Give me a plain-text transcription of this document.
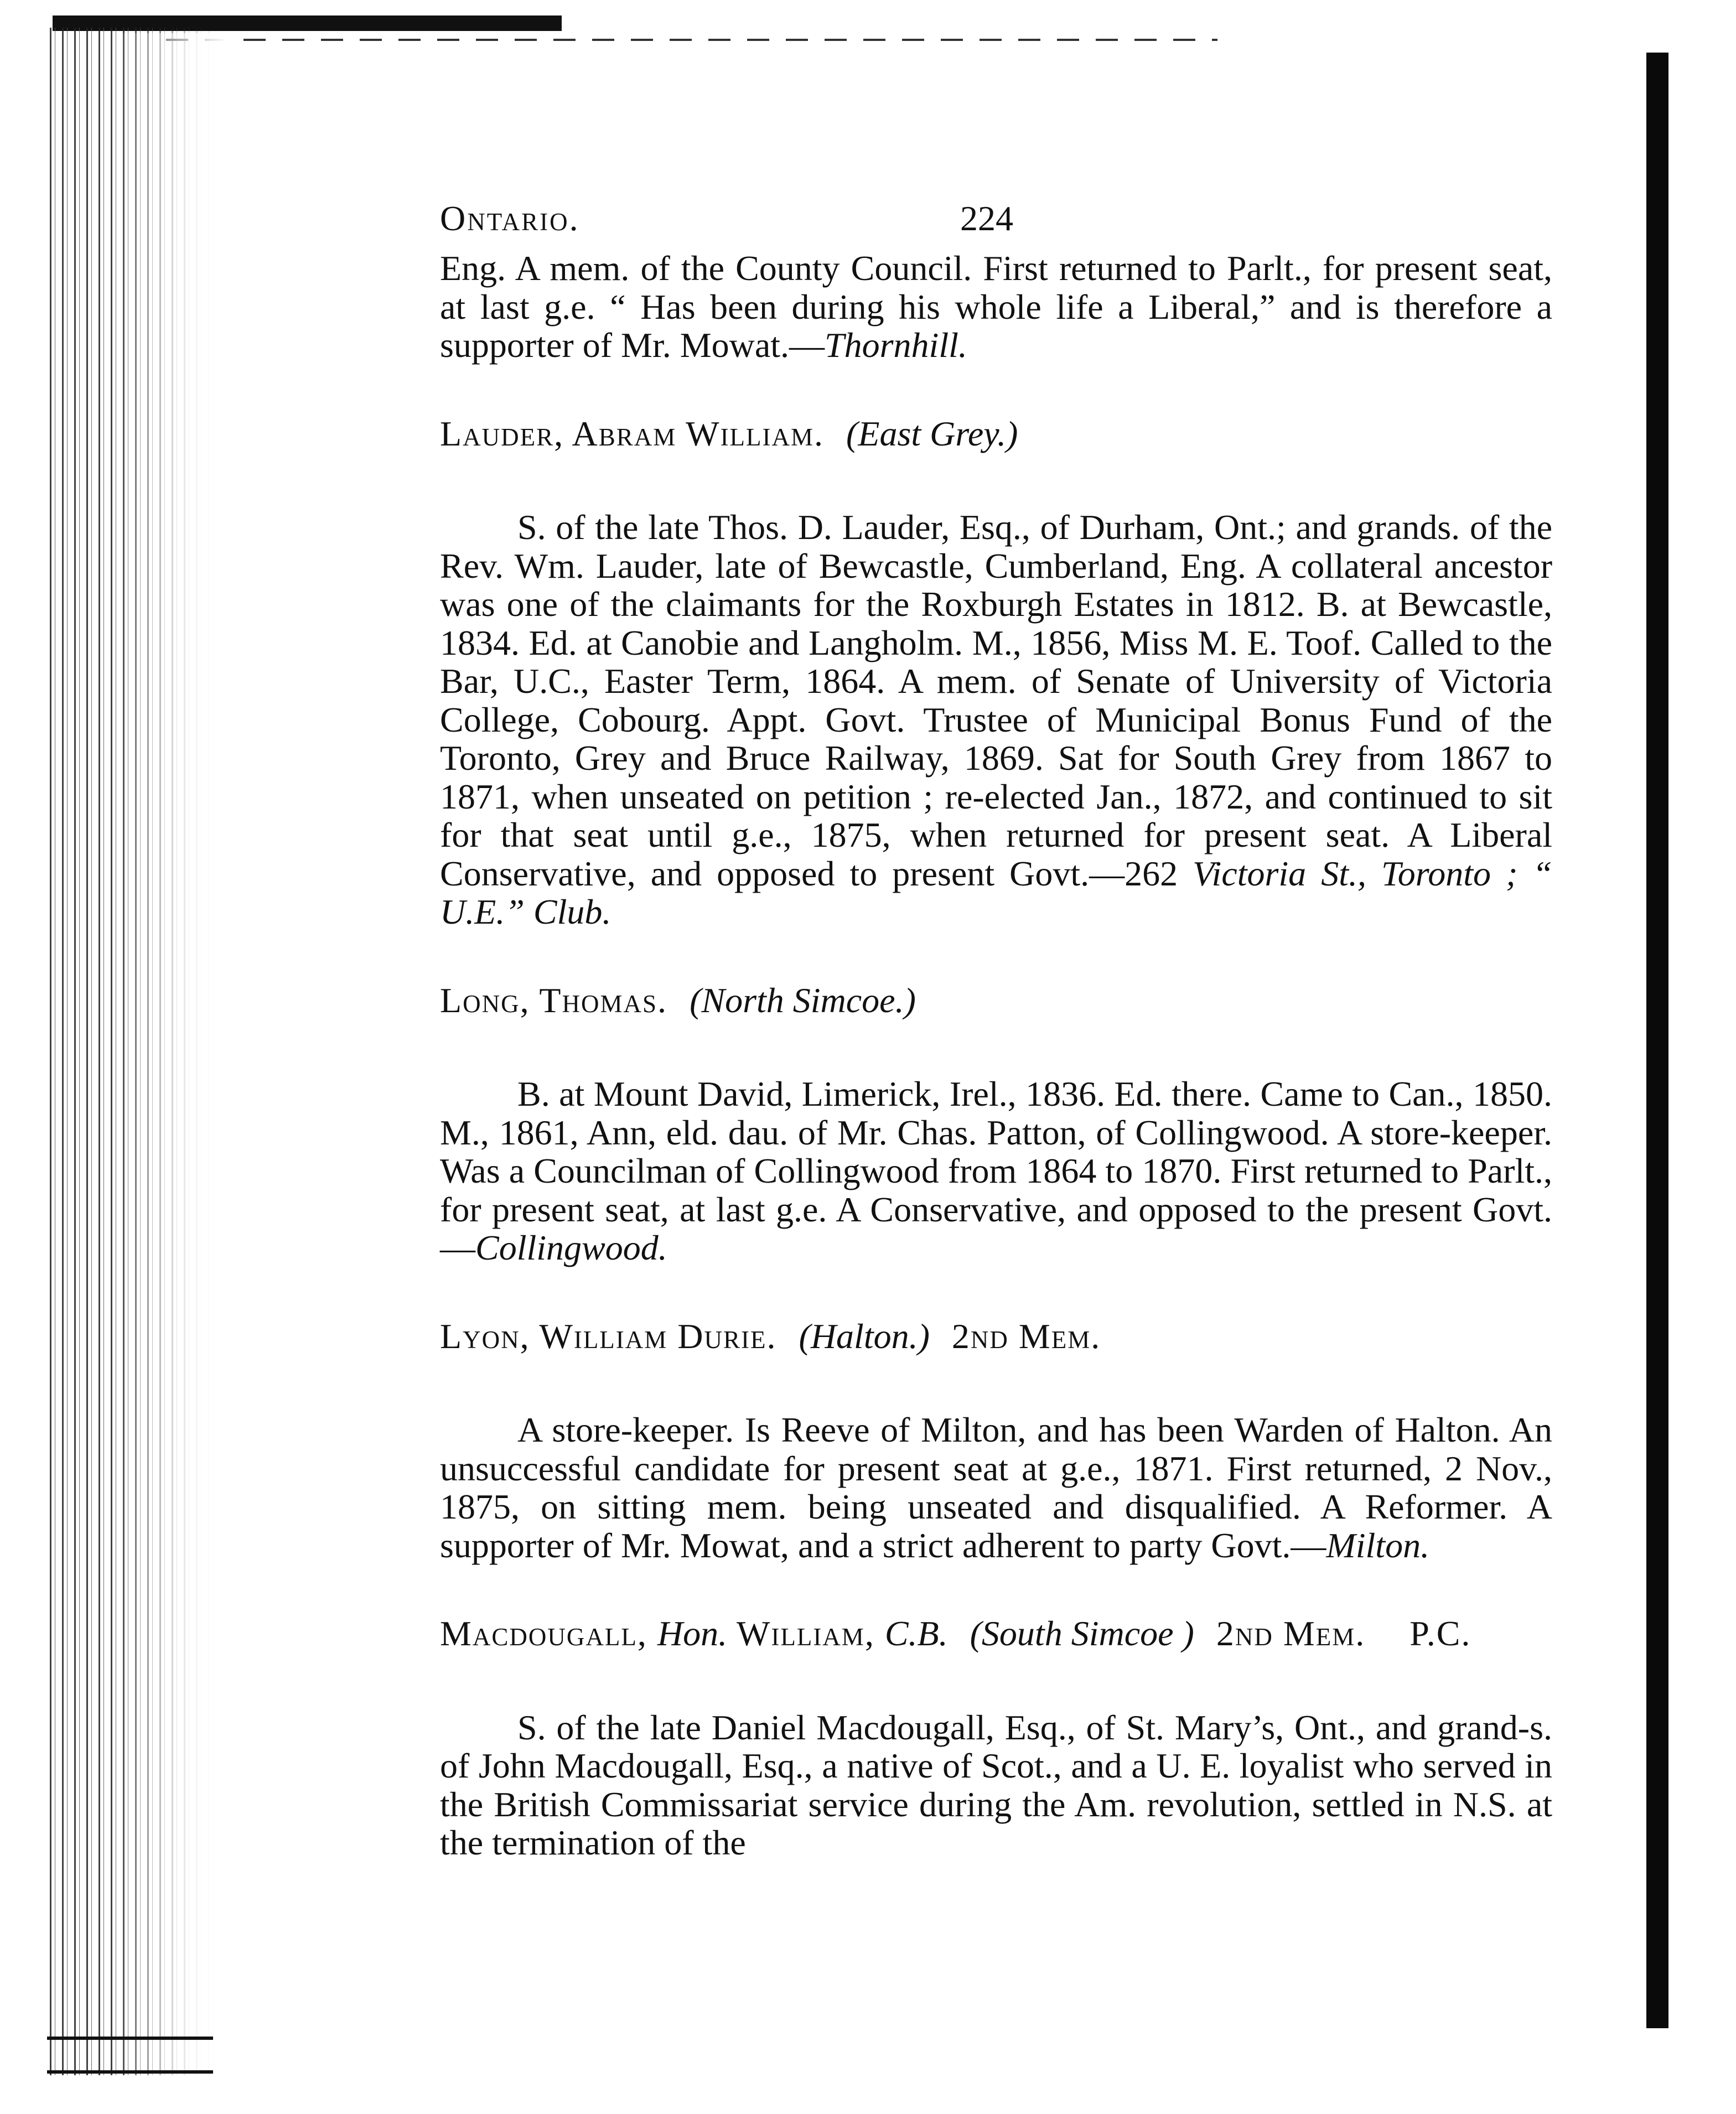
Ontario.	224

Eng. A mem. of the County Council. First returned to Parlt., for present seat, at last g.e. “ Has been during his whole life a Liberal,” and is therefore a supporter of Mr. Mowat.—Thornhill.

Lauder, Abram William. (East Grey.)

S. of the late Thos. D. Lauder, Esq., of Durham, Ont.; and grands. of the Rev. Wm. Lauder, late of Bewcastle, Cumberland, Eng. A collateral ancestor was one of the claimants for the Roxburgh Estates in 1812. B. at Bewcastle, 1834. Ed. at Canobie and Langholm. M., 1856, Miss M. E. Toof. Called to the Bar, U.C., Easter Term, 1864. A mem. of Senate of University of Victoria College, Cobourg. Appt. Govt. Trustee of Municipal Bonus Fund of the Toronto, Grey and Bruce Railway, 1869. Sat for South Grey from 1867 to 1871, when unseated on petition ; re-elected Jan., 1872, and continued to sit for that seat until g.e., 1875, when returned for present seat. A Liberal Conservative, and opposed to present Govt.—262 Victoria St., Toronto ; “ U.E.” Club.

Long, Thomas. (North Simcoe.)

B. at Mount David, Limerick, Irel., 1836. Ed. there. Came to Can., 1850. M., 1861, Ann, eld. dau. of Mr. Chas. Patton, of Collingwood. A store-keeper. Was a Councilman of Collingwood from 1864 to 1870. First returned to Parlt., for present seat, at last g.e. A Conservative, and opposed to the present Govt.—Collingwood.

Lyon, William Durie. (Halton.) 2nd Mem.

A store-keeper. Is Reeve of Milton, and has been Warden of Halton. An unsuccessful candidate for present seat at g.e., 1871. First returned, 2 Nov., 1875, on sitting mem. being unseated and disqualified. A Reformer. A supporter of Mr. Mowat, and a strict adherent to party Govt.—Milton.

Macdougall, Hon. William, C.B. (South Simcoe ) 2nd Mem. P.C.

S. of the late Daniel Macdougall, Esq., of St. Mary’s, Ont., and grand-s. of John Macdougall, Esq., a native of Scot., and a U. E. loyalist who served in the British Commissariat service during the Am. revolution, settled in N.S. at the termination of the
